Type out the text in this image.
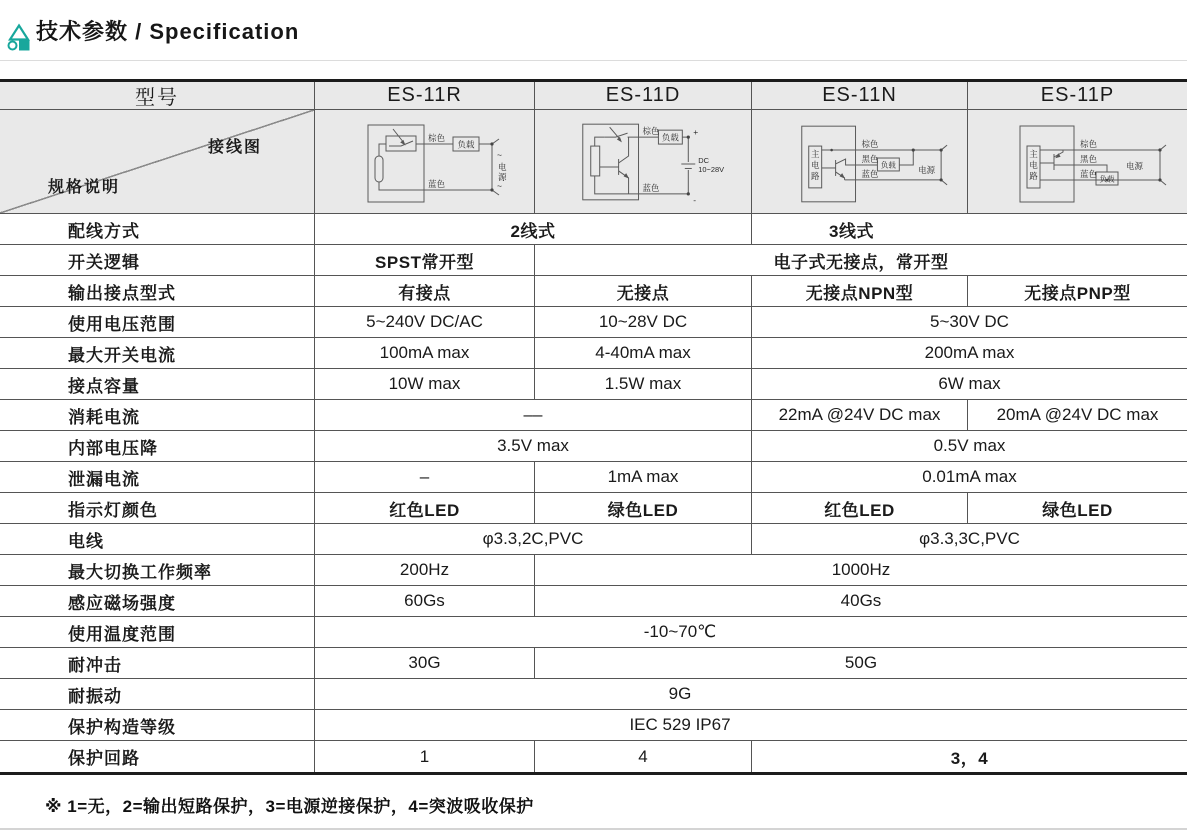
技术参数 / Specification
型号	ES-11R	ES-11D	ES-11N	ES-11P
接线图
规格说明
棕色
蓝色
负载
~
电
源
~
棕色
蓝色
负载
+
-
DC
10~28V
主
电
路
棕色
黑色
蓝色
负载	电源
主
电
路
棕色
黑色
蓝色 负载
电源
配线方式	2线式	3线式
开关逻辑	SPST常开型	电子式无接点，常开型
输出接点型式	有接点	无接点	无接点NPN型	无接点PNP型
使用电压范围	5~240V DC/AC	10~28V DC	5~30V DC
最大开关电流	100mA max	4-40mA max	200mA max
接点容量	10W max	1.5W max	6W max
消耗电流	––	22mA @24V DC max	20mA @24V DC max
内部电压降	3.5V max	0.5V max
泄漏电流	–	1mA max	0.01mA max
指示灯颜色	红色LED	绿色LED	红色LED	绿色LED
电线	φ3.3,2C,PVC	φ3.3,3C,PVC
最大切换工作频率	200Hz	1000Hz
感应磁场强度	60Gs	40Gs
使用温度范围	-10~70℃
耐冲击	30G	50G
耐振动	9G
保护构造等级	IEC 529 IP67
保护回路	1	4	3，4
※ 1=无，2=输出短路保护，3=电源逆接保护，4=突波吸收保护
